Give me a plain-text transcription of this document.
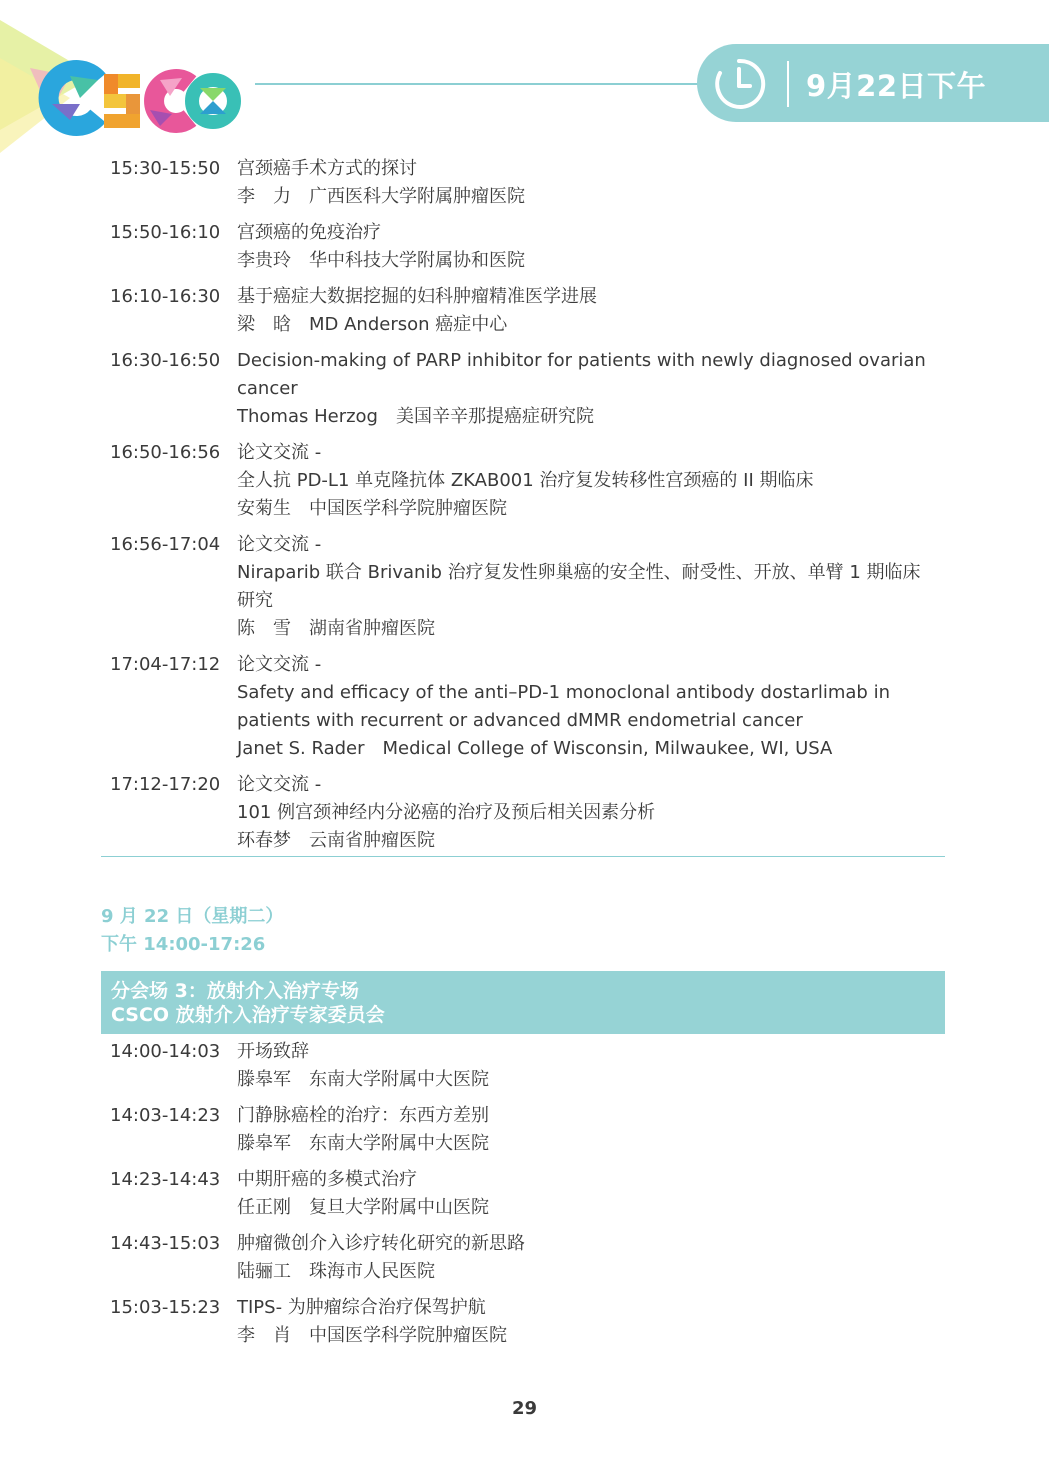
9月22日下午
15:30-15:50 宫颈癌手术方式的探讨
李　力　广西医科大学附属肿瘤医院
15:50-16:10 宫颈癌的免疫治疗
李贵玲　华中科技大学附属协和医院
16:10-16:30 基于癌症大数据挖掘的妇科肿瘤精准医学进展
梁　晗　MD Anderson 癌症中心
16:30-16:50 Decision-making of PARP inhibitor for patients with newly diagnosed ovarian
cancer
Thomas Herzog　美国辛辛那提癌症研究院
16:50-16:56 论文交流 -
全人抗 PD-L1 单克隆抗体 ZKAB001 治疗复发转移性宫颈癌的 II 期临床
安菊生　中国医学科学院肿瘤医院
16:56-17:04 论文交流 -
Niraparib 联合 Brivanib 治疗复发性卵巢癌的安全性、耐受性、开放、单臂 1 期临床
研究
陈　雪　湖南省肿瘤医院
17:04-17:12 论文交流 -
Safety and efficacy of the anti–PD-1 monoclonal antibody dostarlimab in
patients with recurrent or advanced dMMR endometrial cancer
Janet S. Rader　Medical College of Wisconsin, Milwaukee, WI, USA
17:12-17:20 论文交流 -
101 例宫颈神经内分泌癌的治疗及预后相关因素分析
环春梦　云南省肿瘤医院
9 月 22 日（星期二）
下午 14:00-17:26
分会场 3：放射介入治疗专场
CSCO 放射介入治疗专家委员会
14:00-14:03 开场致辞
滕皋军　东南大学附属中大医院
14:03-14:23 门静脉癌栓的治疗：东西方差别
滕皋军　东南大学附属中大医院
14:23-14:43 中期肝癌的多模式治疗
任正刚　复旦大学附属中山医院
14:43-15:03 肿瘤微创介入诊疗转化研究的新思路
陆骊工　珠海市人民医院
15:03-15:23 TIPS- 为肿瘤综合治疗保驾护航
李　肖　中国医学科学院肿瘤医院
29
